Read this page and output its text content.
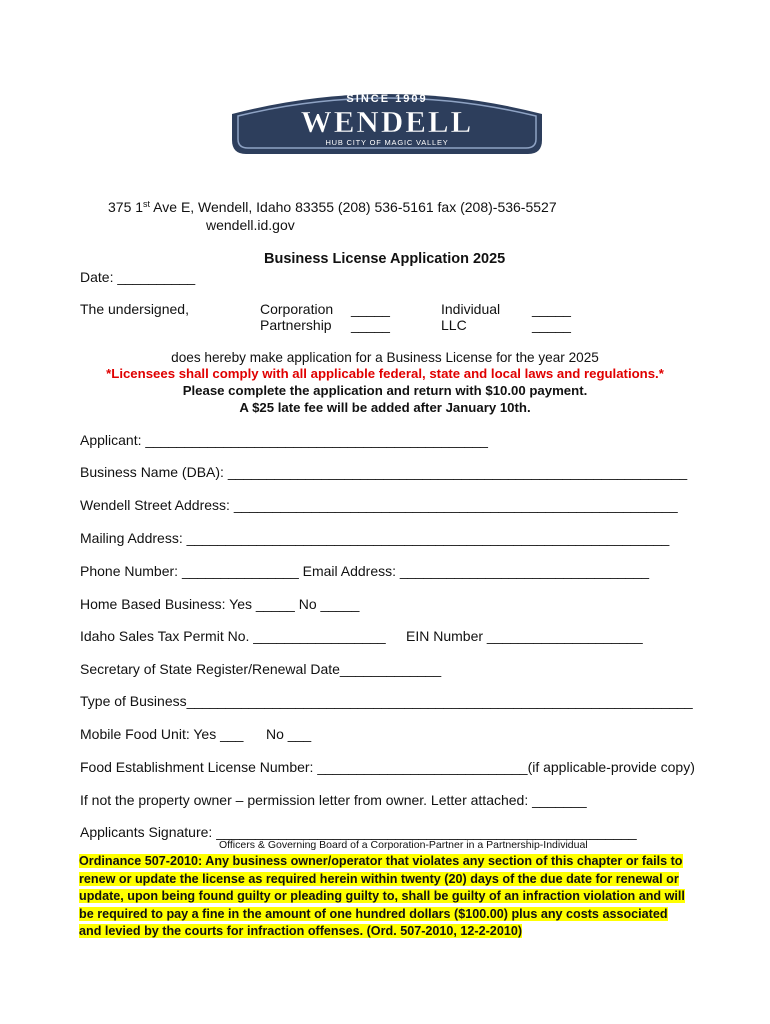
SINCE 1909
WENDELL
HUB CITY OF MAGIC VALLEY
375 1st Ave E, Wendell, Idaho 83355 (208) 536-5161 fax (208)-536-5527
wendell.id.gov
Business License Application 2025
Date: __________
The undersigned,	Corporation _____
Partnership _____
Individual _____
LLC	_____
does hereby make application for a Business License for the year 2025
*Licensees shall comply with all applicable federal, state and local laws and regulations.*
Please complete the application and return with $10.00 payment.
A $25 late fee will be added after January 10th.
Applicant: ____________________________________________
Business Name (DBA): ___________________________________________________________
Wendell Street Address: _________________________________________________________
Mailing Address: ______________________________________________________________
Phone Number: _______________ Email Address: ________________________________
Home Based Business: Yes _____ No _____
Idaho Sales Tax Permit No. _________________ EIN Number ____________________
Secretary of State Register/Renewal Date_____________
Type of Business_________________________________________________________________
Mobile Food Unit: Yes ___ No ___
Food Establishment License Number: ___________________________(if applicable-provide copy)
If not the property owner – permission letter from owner. Letter attached: _______
Applicants Signature: ______________________________________________________
Officers & Governing Board of a Corporation-Partner in a Partnership-Individual
Ordinance 507-2010: Any business owner/operator that violates any section of this chapter or fails to renew or update the license as required herein within twenty (20) days of the due date for renewal or update, upon being found guilty or pleading guilty to, shall be guilty of an infraction violation and will be required to pay a fine in the amount of one hundred dollars ($100.00) plus any costs associated and levied by the courts for infraction offenses. (Ord. 507-2010, 12-2-2010)
